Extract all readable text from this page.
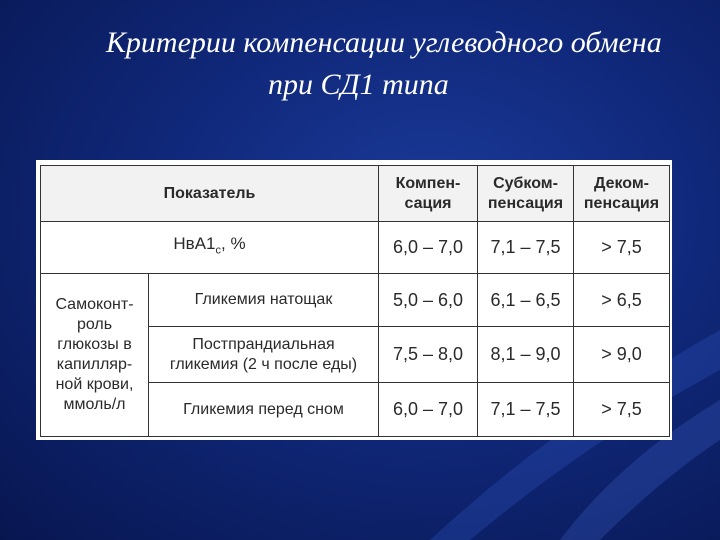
Критерии компенсации углеводного обмена
при СД1 типа
Показатель		Компен-сация	Субком-пенсация	Деком-пенсация
$НвА1_c$, %		6,0 – 7,0	7,1 – 7,5	> 7,5
Самоконт-роль глюкозы в капилляр-ной крови, ммоль/л	Гликемия натощак	5,0 – 6,0	6,1 – 6,5	> 6,5
	Постпрандиальная гликемия (2 ч после еды)	7,5 – 8,0	8,1 – 9,0	> 9,0
	Гликемия перед сном	6,0 – 7,0	7,1 – 7,5	> 7,5
